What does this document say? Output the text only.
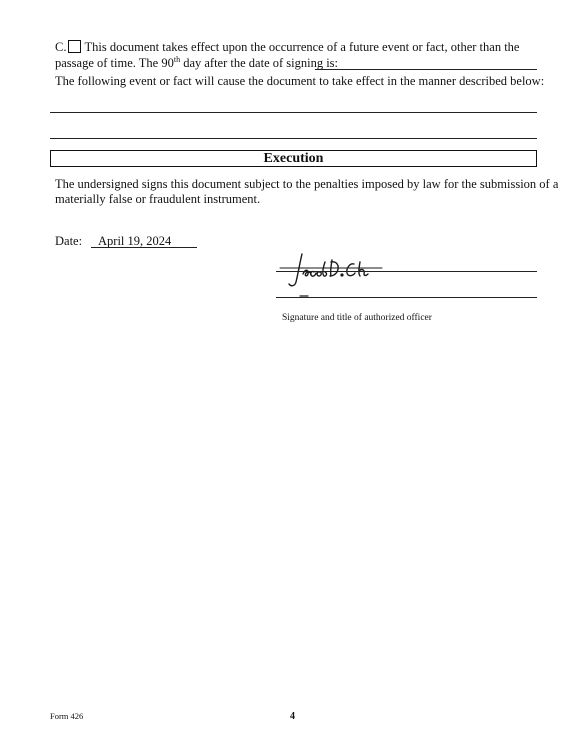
C. This document takes effect upon the occurrence of a future event or fact, other than the
passage of time. The 90th day after the date of signing is:
The following event or fact will cause the document to take effect in the manner described below:
Execution
The undersigned signs this document subject to the penalties imposed by law for the submission of a
materially false or fraudulent instrument.
Date: April 19, 2024
Signature and title of authorized officer
Form 426	4
